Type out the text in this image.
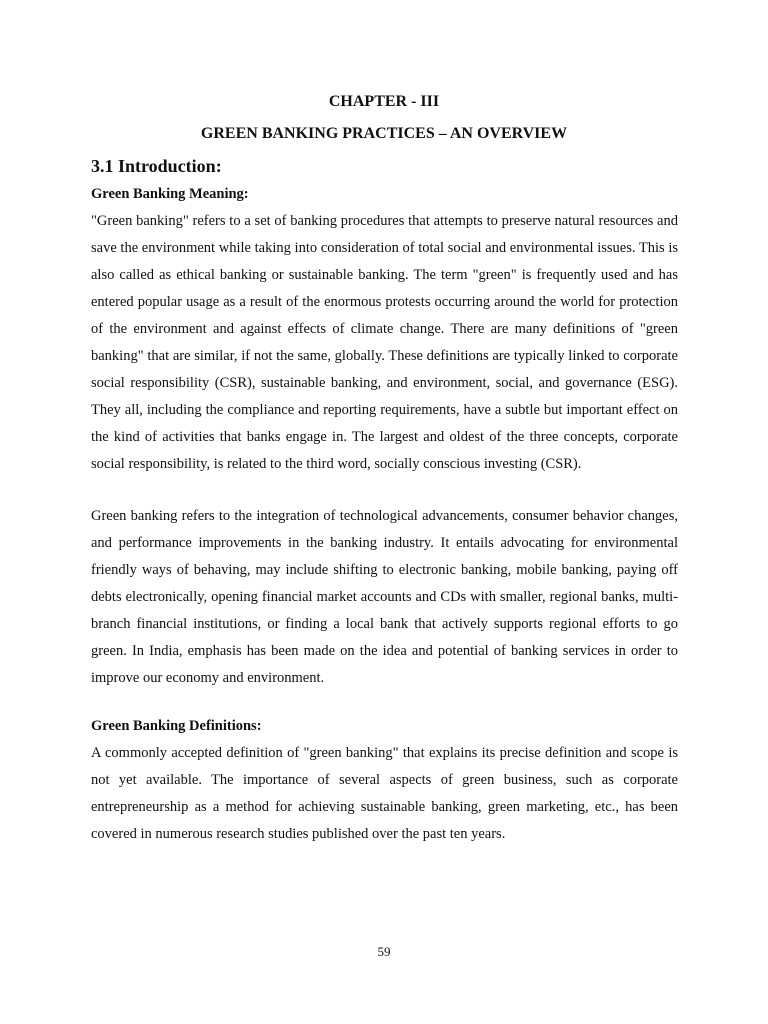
CHAPTER - III
GREEN BANKING PRACTICES – AN OVERVIEW
3.1 Introduction:
Green Banking Meaning:

"Green banking" refers to a set of banking procedures that attempts to preserve natural resources and save the environment while taking into consideration of total social and environmental issues. This is also called as ethical banking or sustainable banking. The term "green" is frequently used and has entered popular usage as a result of the enormous protests occurring around the world for protection of the environment and against effects of climate change. There are many definitions of "green banking" that are similar, if not the same, globally. These definitions are typically linked to corporate social responsibility (CSR), sustainable banking, and environment, social, and governance (ESG). They all, including the compliance and reporting requirements, have a subtle but important effect on the kind of activities that banks engage in. The largest and oldest of the three concepts, corporate social responsibility, is related to the third word, socially conscious investing (CSR).

Green banking refers to the integration of technological advancements, consumer behavior changes, and performance improvements in the banking industry. It entails advocating for environmental friendly ways of behaving, may include shifting to electronic banking, mobile banking, paying off debts electronically, opening financial market accounts and CDs with smaller, regional banks, multi-branch financial institutions, or finding a local bank that actively supports regional efforts to go green. In India, emphasis has been made on the idea and potential of banking services in order to improve our economy and environment.

Green Banking Definitions:

A commonly accepted definition of "green banking" that explains its precise definition and scope is not yet available. The importance of several aspects of green business, such as corporate entrepreneurship as a method for achieving sustainable banking, green marketing, etc., has been covered in numerous research studies published over the past ten years.

59
